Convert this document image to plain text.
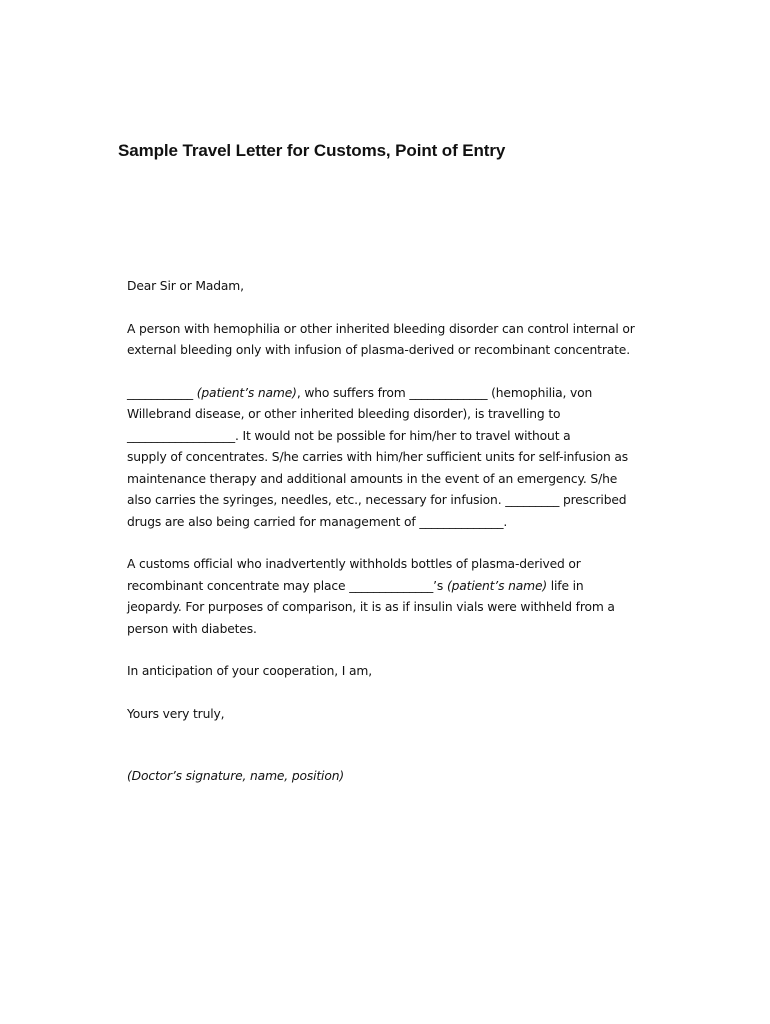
Sample Travel Letter for Customs, Point of Entry

Dear Sir or Madam,

A person with hemophilia or other inherited bleeding disorder can control internal or
external bleeding only with infusion of plasma-derived or recombinant concentrate.

___________ (patient’s name), who suffers from _____________ (hemophilia, von
Willebrand disease, or other inherited bleeding disorder), is travelling to
__________________. It would not be possible for him/her to travel without a
supply of concentrates. S/he carries with him/her sufficient units for self-infusion as
maintenance therapy and additional amounts in the event of an emergency. S/he
also carries the syringes, needles, etc., necessary for infusion. _________ prescribed
drugs are also being carried for management of ______________.

A customs official who inadvertently withholds bottles of plasma-derived or
recombinant concentrate may place ______________’s (patient’s name) life in
jeopardy. For purposes of comparison, it is as if insulin vials were withheld from a
person with diabetes.

In anticipation of your cooperation, I am,

Yours very truly,

(Doctor’s signature, name, position)
